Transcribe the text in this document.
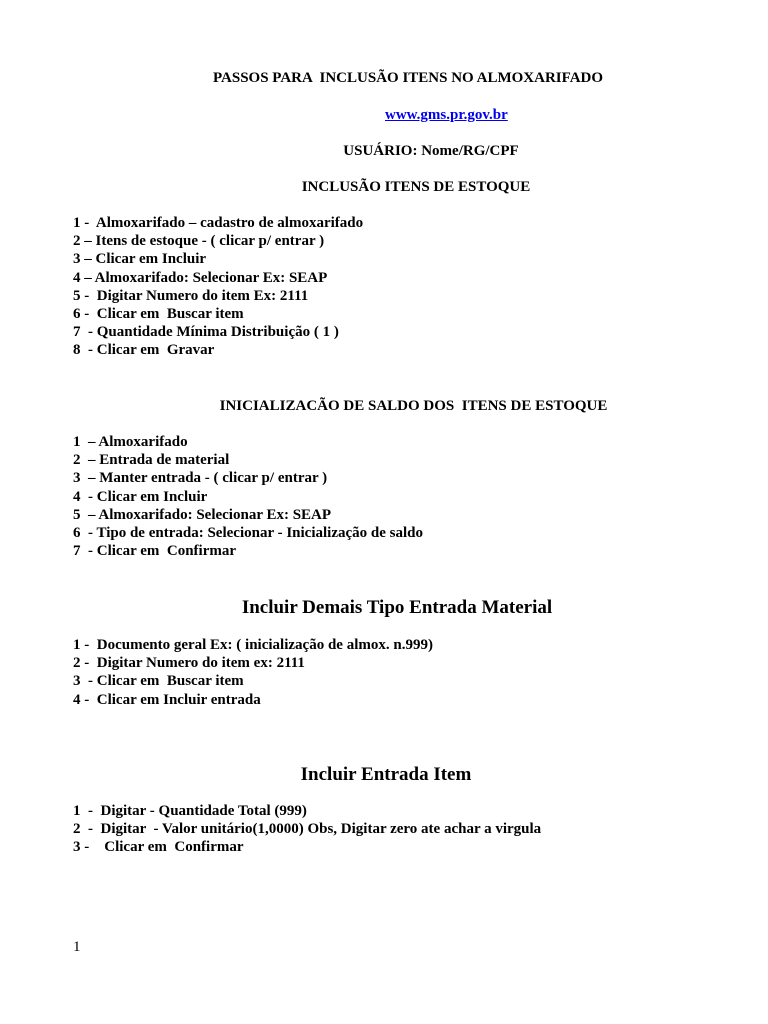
PASSOS PARA  INCLUSÃO ITENS NO ALMOXARIFADO
www.gms.pr.gov.br
USUÁRIO: Nome/RG/CPF
INCLUSÃO ITENS DE ESTOQUE
1 -  Almoxarifado – cadastro de almoxarifado
2 – Itens de estoque - ( clicar p/ entrar )
3 – Clicar em Incluir
4 – Almoxarifado: Selecionar Ex: SEAP
5 -  Digitar Numero do item Ex: 2111
6 -  Clicar em  Buscar item
7  - Quantidade Mínima Distribuição ( 1 )
8  - Clicar em  Gravar
INICIALIZACÃO DE SALDO DOS  ITENS DE ESTOQUE
1  – Almoxarifado
2  – Entrada de material
3  – Manter entrada - ( clicar p/ entrar )
4  - Clicar em Incluir
5  – Almoxarifado: Selecionar Ex: SEAP
6  - Tipo de entrada: Selecionar - Inicialização de saldo
7  - Clicar em  Confirmar
Incluir Demais Tipo Entrada Material
1 -  Documento geral Ex: ( inicialização de almox. n.999)
2 -  Digitar Numero do item ex: 2111
3  - Clicar em  Buscar item
4 -  Clicar em Incluir entrada
Incluir Entrada Item
1  -  Digitar - Quantidade Total (999)
2  -  Digitar  - Valor unitário(1,0000) Obs, Digitar zero ate achar a virgula
3 -    Clicar em  Confirmar
1
